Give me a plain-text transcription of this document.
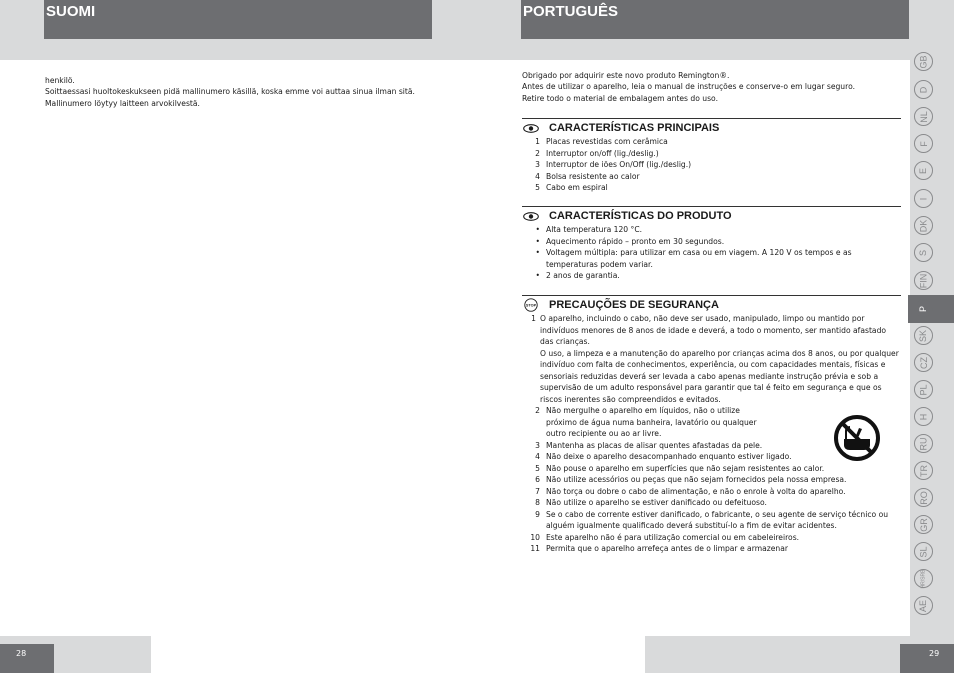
SUOMI	PORTUGUÊS

henkilö.

Soittaessasi huoltokeskukseen pidä mallinumero käsillä, koska emme voi auttaa sinua ilman sitä.

Mallinumero löytyy laitteen arvokilvestä.

Obrigado por adquirir este novo produto Remington®.

Antes de utilizar o aparelho, leia o manual de instruções e conserve-o em lugar seguro.

Retire todo o material de embalagem antes do uso.

CARACTERÍSTICAS PRINCIPAIS
1 Placas revestidas com cerâmica
2 Interruptor on/off (lig./deslig.)
3 Interruptor de iões On/Off (lig./deslig.)
4 Bolsa resistente ao calor
5 Cabo em espiral
CARACTERÍSTICAS DO PRODUTO
• Alta temperatura 120 °C.
• Aquecimento rápido – pronto em 30 segundos.
• Voltagem múltipla: para utilizar em casa ou em viagem. A 120 V os tempos e as temperaturas podem variar.
• 2 anos de garantia.
STOP PRECAUÇÕES DE SEGURANÇA
1 O aparelho, incluindo o cabo, não deve ser usado, manipulado, limpo ou mantido por indivíduos menores de 8 anos de idade e deverá, a todo o momento, ser mantido afastado das crianças.
O uso, a limpeza e a manutenção do aparelho por crianças acima dos 8 anos, ou por qualquer indivíduo com falta de conhecimentos, experiência, ou com capacidades mentais, físicas e sensoriais reduzidas deverá ser levada a cabo apenas mediante instrução prévia e sob a supervisão de um adulto responsável para garantir que tal é feito em segurança e que os riscos inerentes são compreendidos e evitados.
2 Não mergulhe o aparelho em líquidos, não o utilize próximo de água numa banheira, lavatório ou qualquer outro recipiente ou ao ar livre.
3 Mantenha as placas de alisar quentes afastadas da pele.
4 Não deixe o aparelho desacompanhado enquanto estiver ligado.
5 Não pouse o aparelho em superfícies que não sejam resistentes ao calor.
6 Não utilize acessórios ou peças que não sejam fornecidos pela nossa empresa.
7 Não torça ou dobre o cabo de alimentação, e não o enrole à volta do aparelho.
8 Não utilize o aparelho se estiver danificado ou defeituoso.
9 Se o cabo de corrente estiver danificado, o fabricante, o seu agente de serviço técnico ou alguém igualmente qualificado deverá substituí-lo a fim de evitar acidentes.
10 Este aparelho não é para utilização comercial ou em cabeleireiros.
11 Permita que o aparelho arrefeça antes de o limpar e armazenar
GB
D
NL
F
E
I
DK
S
FIN
P
SK
CZ
PL
H
RU
TR
RO
GR
SL
HR/SRB
AE
28	29
